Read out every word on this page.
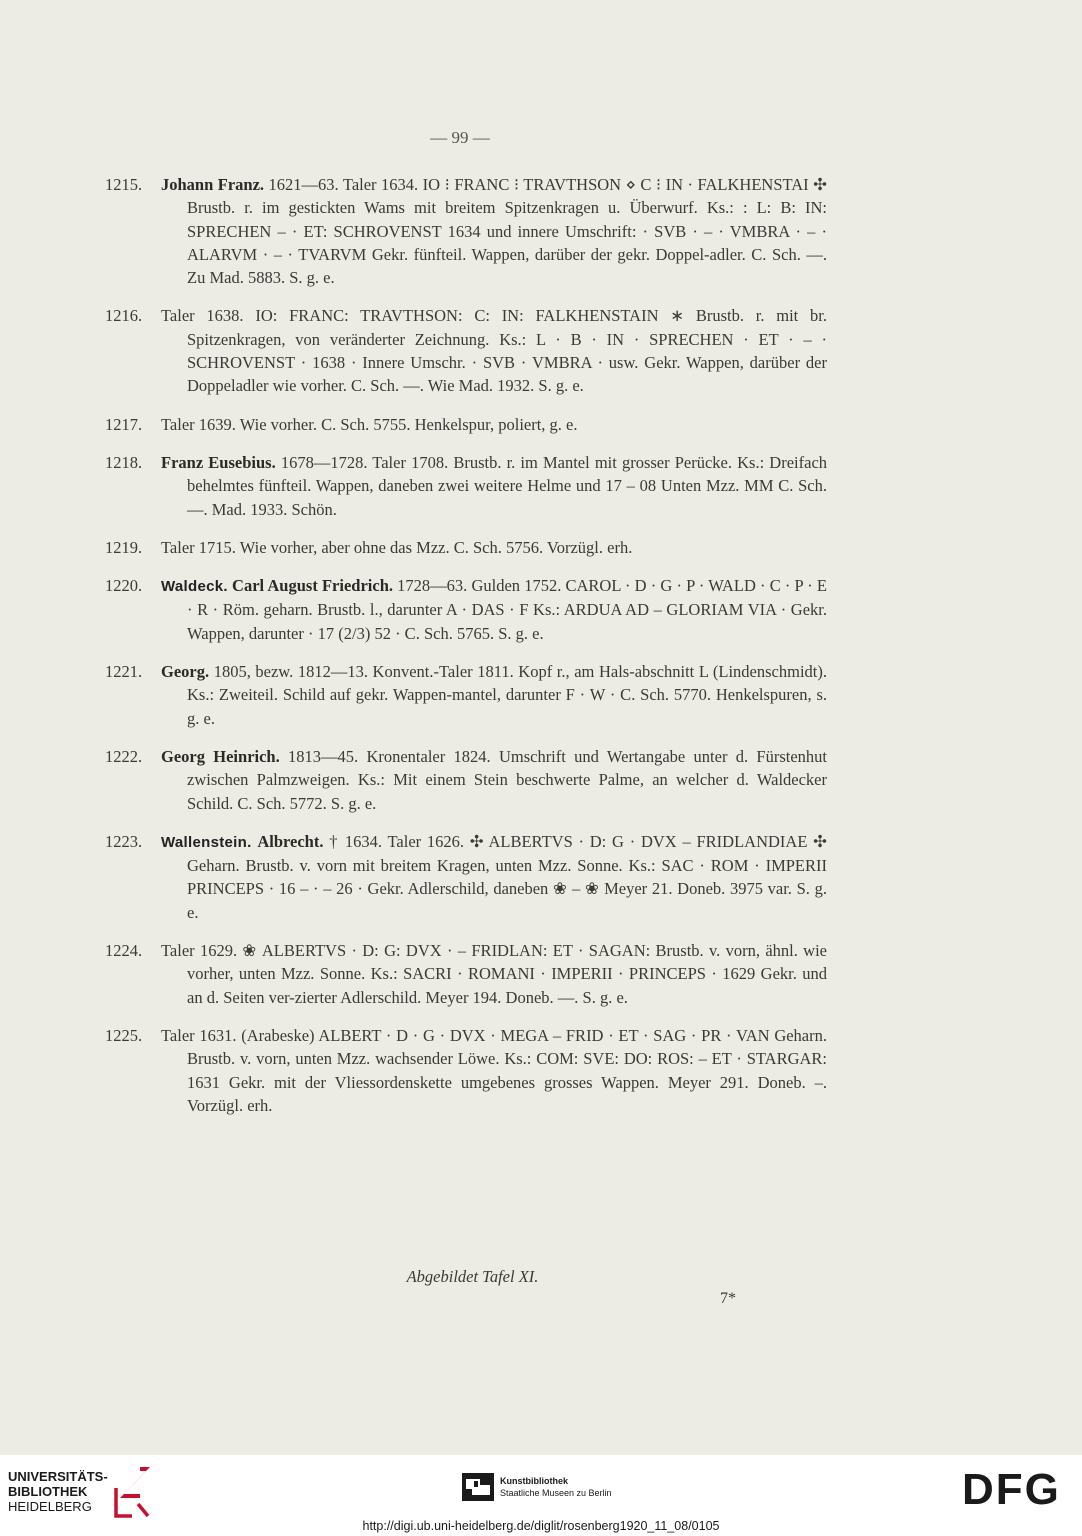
— 99 —

1215. Johann Franz. 1621—63. Taler 1634. IO ⁝ FRANC ⁝ TRAVTHSON ⋄ C ⁝ IN · FALKHENSTAI ✣ Brustb. r. im gestickten Wams mit breitem Spitzenkragen u. Überwurf. Ks.: : L: B: IN: SPRECHEN – · ET: SCHROVENST 1634 und innere Umschrift: · SVB · – · VMBRA · – · ALARVM · – · TVARVM Gekr. fünfteil. Wappen, darüber der gekr. Doppel-adler. C. Sch. —. Zu Mad. 5883. S. g. e.

1216. Taler 1638. IO: FRANC: TRAVTHSON: C: IN: FALKHENSTAIN ∗ Brustb. r. mit br. Spitzenkragen, von veränderter Zeichnung. Ks.: L · B · IN · SPRECHEN · ET · – · SCHROVENST · 1638 · Innere Umschr. · SVB · VMBRA · usw. Gekr. Wappen, darüber der Doppeladler wie vorher. C. Sch. —. Wie Mad. 1932. S. g. e.

1217. Taler 1639. Wie vorher. C. Sch. 5755. Henkelspur, poliert, g. e.

1218. Franz Eusebius. 1678—1728. Taler 1708. Brustb. r. im Mantel mit grosser Perücke. Ks.: Dreifach behelmtes fünfteil. Wappen, daneben zwei weitere Helme und 17 – 08 Unten Mzz. MM C. Sch. —. Mad. 1933. Schön.

1219. Taler 1715. Wie vorher, aber ohne das Mzz. C. Sch. 5756. Vorzügl. erh.

1220. Waldeck. Carl August Friedrich. 1728—63. Gulden 1752. CAROL · D · G · P · WALD · C · P · E · R · Röm. geharn. Brustb. l., darunter A · DAS · F Ks.: ARDUA AD – GLORIAM VIA · Gekr. Wappen, darunter · 17 (2/3) 52 · C. Sch. 5765. S. g. e.

1221. Georg. 1805, bezw. 1812—13. Konvent.-Taler 1811. Kopf r., am Hals-abschnitt L (Lindenschmidt). Ks.: Zweiteil. Schild auf gekr. Wappen-mantel, darunter F · W · C. Sch. 5770. Henkelspuren, s. g. e.

1222. Georg Heinrich. 1813—45. Kronentaler 1824. Umschrift und Wertangabe unter d. Fürstenhut zwischen Palmzweigen. Ks.: Mit einem Stein beschwerte Palme, an welcher d. Waldecker Schild. C. Sch. 5772. S. g. e.

1223. Wallenstein. Albrecht. † 1634. Taler 1626. ✣ ALBERTVS · D: G · DVX – FRIDLANDIAE ✣ Geharn. Brustb. v. vorn mit breitem Kragen, unten Mzz. Sonne. Ks.: SAC · ROM · IMPERII PRINCEPS · 16 – · – 26 · Gekr. Adlerschild, daneben ❀ – ❀ Meyer 21. Doneb. 3975 var. S. g. e.

1224. Taler 1629. ❀ ALBERTVS · D: G: DVX · – FRIDLAN: ET · SAGAN: Brustb. v. vorn, ähnl. wie vorher, unten Mzz. Sonne. Ks.: SACRI · ROMANI · IMPERII · PRINCEPS · 1629 Gekr. und an d. Seiten ver-zierter Adlerschild. Meyer 194. Doneb. —. S. g. e.

1225. Taler 1631. (Arabeske) ALBERT · D · G · DVX · MEGA – FRID · ET · SAG · PR · VAN Geharn. Brustb. v. vorn, unten Mzz. wachsender Löwe. Ks.: COM: SVE: DO: ROS: – ET · STARGAR: 1631 Gekr. mit der Vliessordenskette umgebenes grosses Wappen. Meyer 291. Doneb. –. Vorzügl. erh.

Abgebildet Tafel XI.
7*
UNIVERSITÄTS-
BIBLIOTHEK
HEIDELBERG
Kunstbibliothek
Staatliche Museen zu Berlin	DFG
http://digi.ub.uni-heidelberg.de/diglit/rosenberg1920_11_08/0105
